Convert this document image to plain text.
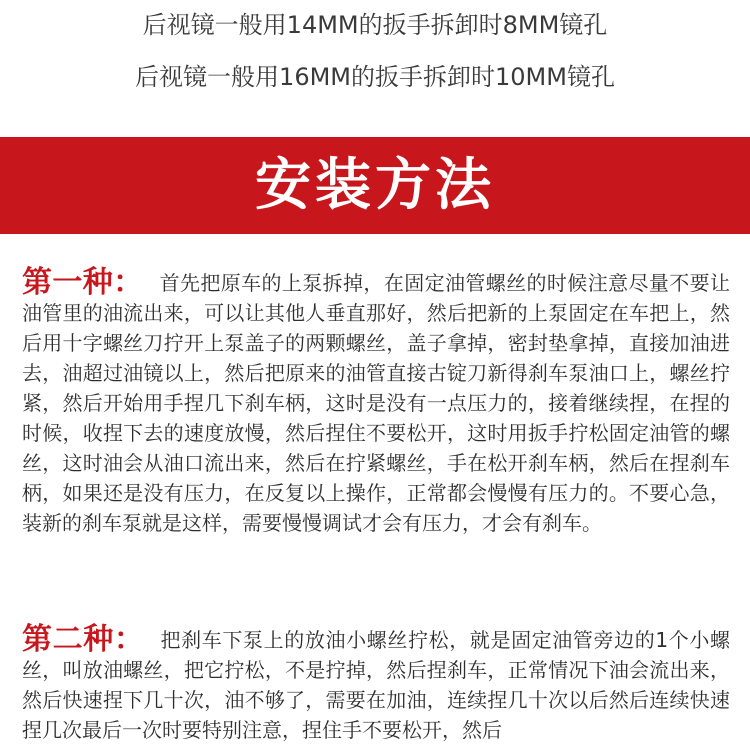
后视镜一般用14MM的扳手拆卸时8MM镜孔
后视镜一般用16MM的扳手拆卸时10MM镜孔
安装方法
第一种： 首先把原车的上泵拆掉，在固定油管螺丝的时候注意尽量不要让油管里的油流出来，可以让其他人垂直那好，然后把新的上泵固定在车把上，然后用十字螺丝刀拧开上泵盖子的两颗螺丝，盖子拿掉，密封垫拿掉，直接加油进去，油超过油镜以上，然后把原来的油管直接古锭刀新得刹车泵油口上，螺丝拧紧，然后开始用手捏几下刹车柄，这时是没有一点压力的，接着继续捏，在捏的时候，收捏下去的速度放慢，然后捏住不要松开，这时用扳手拧松固定油管的螺丝，这时油会从油口流出来，然后在拧紧螺丝，手在松开刹车柄，然后在捏刹车柄，如果还是没有压力，在反复以上操作，正常都会慢慢有压力的。不要心急，装新的刹车泵就是这样，需要慢慢调试才会有压力，才会有刹车。
第二种： 把刹车下泵上的放油小螺丝拧松，就是固定油管旁边的1个小螺丝，叫放油螺丝，把它拧松，不是拧掉，然后捏刹车，正常情况下油会流出来，然后快速捏下几十次，油不够了，需要在加油，连续捏几十次以后然后连续快速捏几次最后一次时要特别注意，捏住手不要松开，然后
